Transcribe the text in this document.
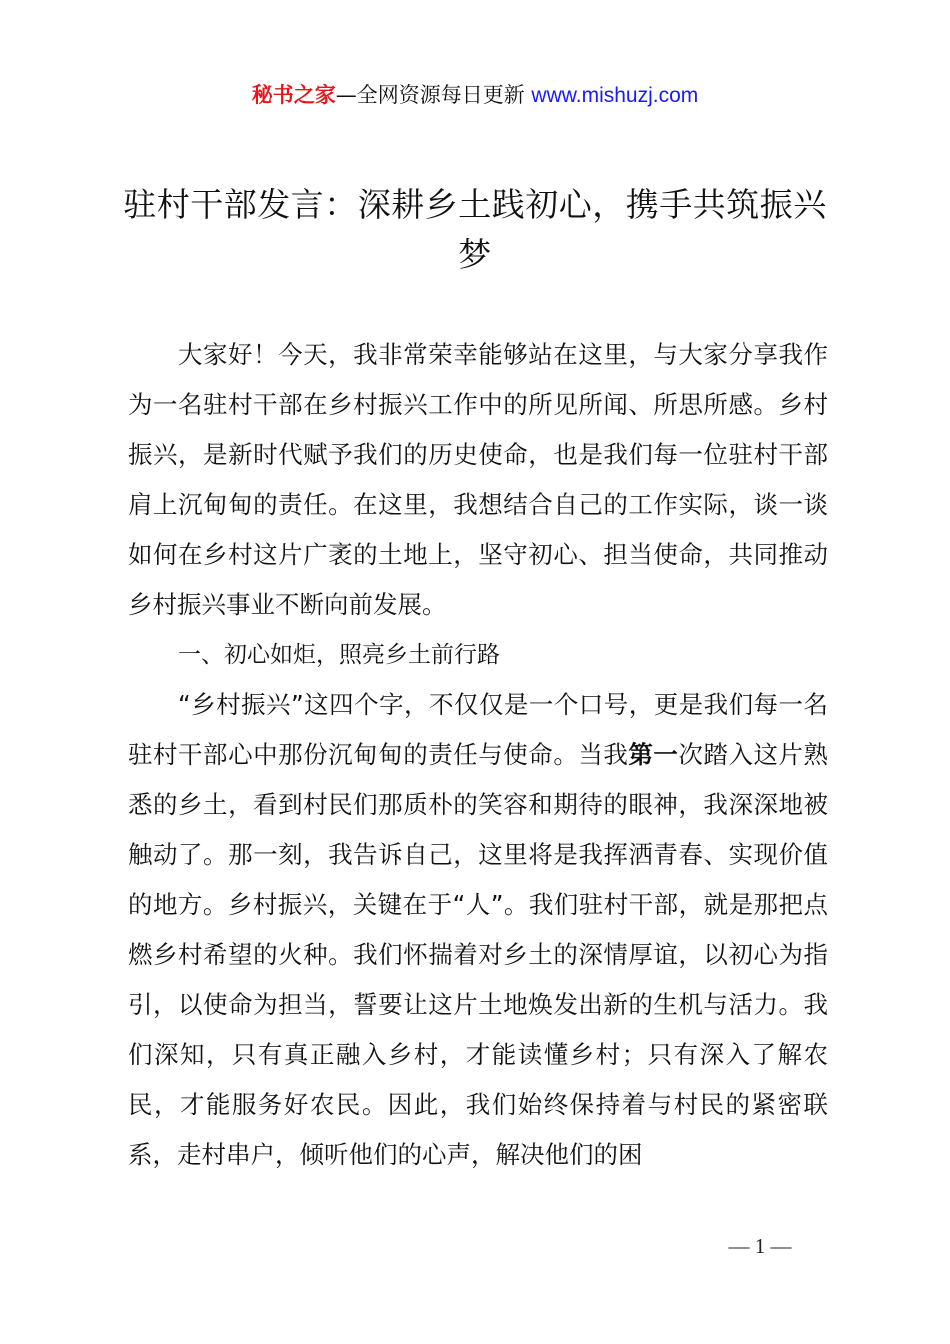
秘书之家—全网资源每日更新 www.mishuzj.com
驻村干部发言：深耕乡土践初心，携手共筑振兴梦

大家好！今天，我非常荣幸能够站在这里，与大家分享我作为一名驻村干部在乡村振兴工作中的所见所闻、所思所感。乡村振兴，是新时代赋予我们的历史使命，也是我们每一位驻村干部肩上沉甸甸的责任。在这里，我想结合自己的工作实际，谈一谈如何在乡村这片广袤的土地上，坚守初心、担当使命，共同推动乡村振兴事业不断向前发展。

一、初心如炬，照亮乡土前行路

“乡村振兴”这四个字，不仅仅是一个口号，更是我们每一名驻村干部心中那份沉甸甸的责任与使命。当我第一次踏入这片熟悉的乡土，看到村民们那质朴的笑容和期待的眼神，我深深地被触动了。那一刻，我告诉自己，这里将是我挥洒青春、实现价值的地方。乡村振兴，关键在于“人”。我们驻村干部，就是那把点燃乡村希望的火种。我们怀揣着对乡土的深情厚谊，以初心为指引，以使命为担当，誓要让这片土地焕发出新的生机与活力。我们深知，只有真正融入乡村，才能读懂乡村；只有深入了解农民，才能服务好农民。因此，我们始终保持着与村民的紧密联系，走村串户，倾听他们的心声，解决他们的困

— 1 —
